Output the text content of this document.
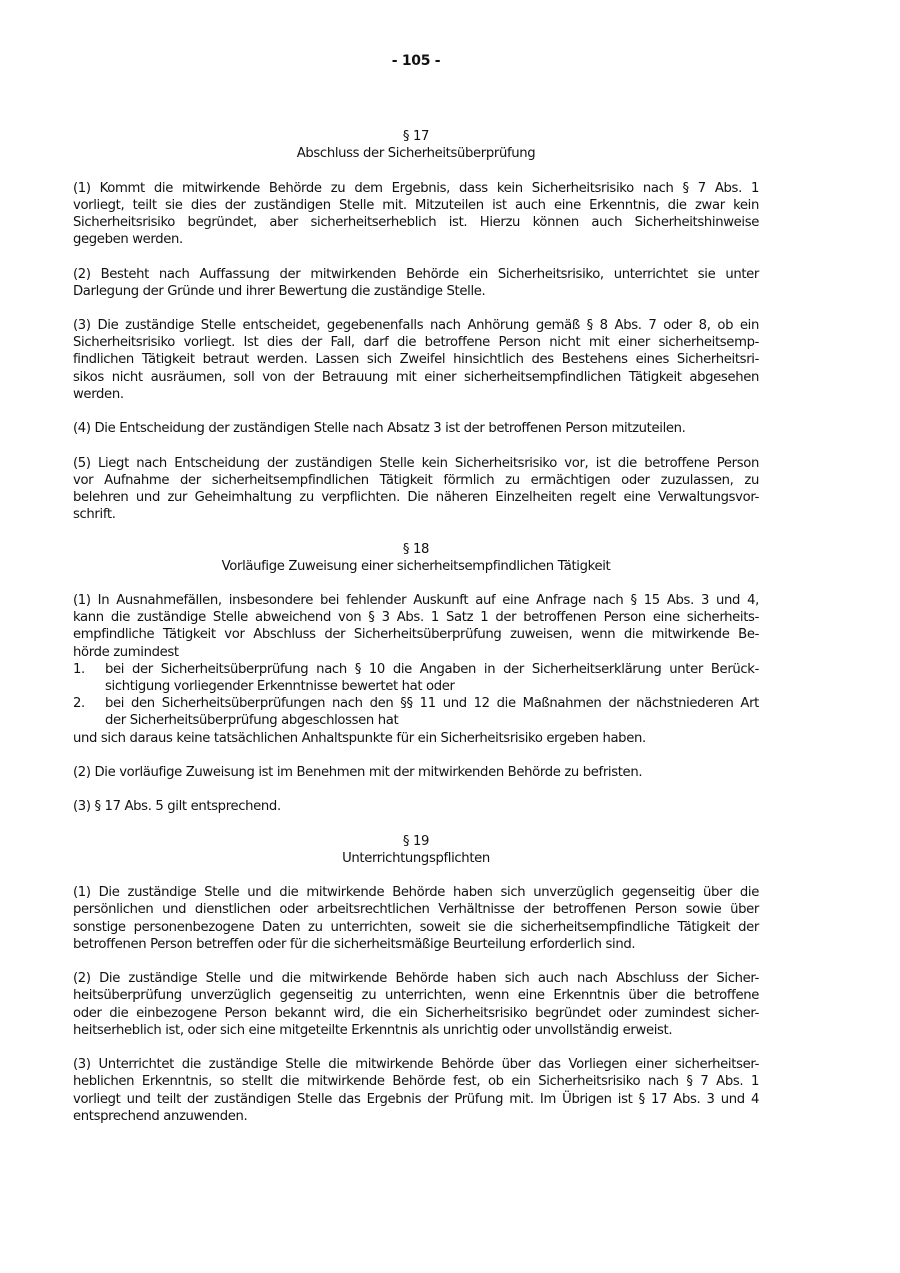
- 105 -
§ 17
Abschluss der Sicherheitsüberprüfung
(1) Kommt die mitwirkende Behörde zu dem Ergebnis, dass kein Sicherheitsrisiko nach § 7 Abs. 1
vorliegt, teilt sie dies der zuständigen Stelle mit. Mitzuteilen ist auch eine Erkenntnis, die zwar kein
Sicherheitsrisiko begründet, aber sicherheitserheblich ist. Hierzu können auch Sicherheitshinweise
gegeben werden.
(2) Besteht nach Auffassung der mitwirkenden Behörde ein Sicherheitsrisiko, unterrichtet sie unter
Darlegung der Gründe und ihrer Bewertung die zuständige Stelle.
(3) Die zuständige Stelle entscheidet, gegebenenfalls nach Anhörung gemäß § 8 Abs. 7 oder 8, ob ein
Sicherheitsrisiko vorliegt. Ist dies der Fall, darf die betroffene Person nicht mit einer sicherheitsemp-
findlichen Tätigkeit betraut werden. Lassen sich Zweifel hinsichtlich des Bestehens eines Sicherheitsri-
sikos nicht ausräumen, soll von der Betrauung mit einer sicherheitsempfindlichen Tätigkeit abgesehen
werden.
(4) Die Entscheidung der zuständigen Stelle nach Absatz 3 ist der betroffenen Person mitzuteilen.
(5) Liegt nach Entscheidung der zuständigen Stelle kein Sicherheitsrisiko vor, ist die betroffene Person
vor Aufnahme der sicherheitsempfindlichen Tätigkeit förmlich zu ermächtigen oder zuzulassen, zu
belehren und zur Geheimhaltung zu verpflichten. Die näheren Einzelheiten regelt eine Verwaltungsvor-
schrift.
§ 18
Vorläufige Zuweisung einer sicherheitsempfindlichen Tätigkeit
(1) In Ausnahmefällen, insbesondere bei fehlender Auskunft auf eine Anfrage nach § 15 Abs. 3 und 4,
kann die zuständige Stelle abweichend von § 3 Abs. 1 Satz 1 der betroffenen Person eine sicherheits-
empfindliche Tätigkeit vor Abschluss der Sicherheitsüberprüfung zuweisen, wenn die mitwirkende Be-
hörde zumindest
1.	bei der Sicherheitsüberprüfung nach § 10 die Angaben in der Sicherheitserklärung unter Berück-
sichtigung vorliegender Erkenntnisse bewertet hat oder
2.	bei den Sicherheitsüberprüfungen nach den §§ 11 und 12 die Maßnahmen der nächstniederen Art
der Sicherheitsüberprüfung abgeschlossen hat
und sich daraus keine tatsächlichen Anhaltspunkte für ein Sicherheitsrisiko ergeben haben.
(2) Die vorläufige Zuweisung ist im Benehmen mit der mitwirkenden Behörde zu befristen.
(3) § 17 Abs. 5 gilt entsprechend.
§ 19
Unterrichtungspflichten
(1) Die zuständige Stelle und die mitwirkende Behörde haben sich unverzüglich gegenseitig über die
persönlichen und dienstlichen oder arbeitsrechtlichen Verhältnisse der betroffenen Person sowie über
sonstige personenbezogene Daten zu unterrichten, soweit sie die sicherheitsempfindliche Tätigkeit der
betroffenen Person betreffen oder für die sicherheitsmäßige Beurteilung erforderlich sind.
(2) Die zuständige Stelle und die mitwirkende Behörde haben sich auch nach Abschluss der Sicher-
heitsüberprüfung unverzüglich gegenseitig zu unterrichten, wenn eine Erkenntnis über die betroffene
oder die einbezogene Person bekannt wird, die ein Sicherheitsrisiko begründet oder zumindest sicher-
heitserheblich ist, oder sich eine mitgeteilte Erkenntnis als unrichtig oder unvollständig erweist.
(3) Unterrichtet die zuständige Stelle die mitwirkende Behörde über das Vorliegen einer sicherheitser-
heblichen Erkenntnis, so stellt die mitwirkende Behörde fest, ob ein Sicherheitsrisiko nach § 7 Abs. 1
vorliegt und teilt der zuständigen Stelle das Ergebnis der Prüfung mit. Im Übrigen ist § 17 Abs. 3 und 4
entsprechend anzuwenden.
